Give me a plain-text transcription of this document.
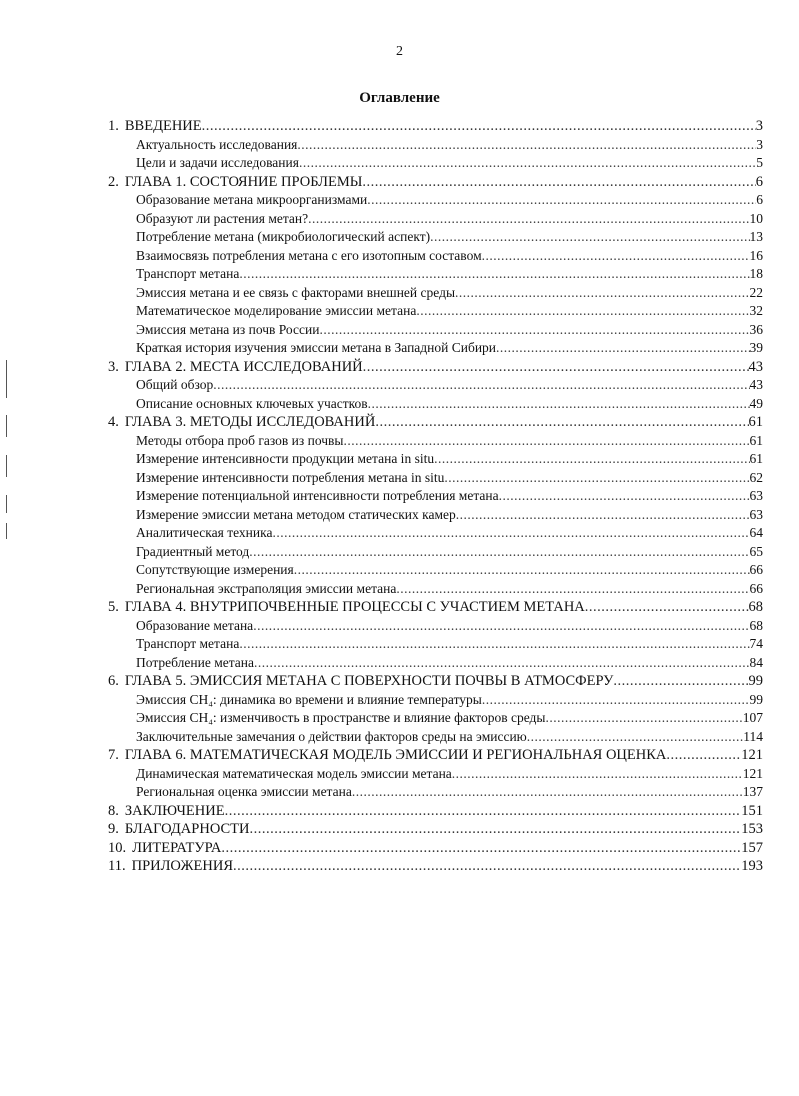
2
Оглавление
1. ВВЕДЕНИЕ .....	3
Актуальность исследования .....	3
Цели и задачи исследования .....	5
2. ГЛАВА 1. СОСТОЯНИЕ ПРОБЛЕМЫ .....	6
Образование метана микроорганизмами .....	6
Образуют ли растения метан? .....	10
Потребление метана (микробиологический аспект) .....	13
Взаимосвязь потребления метана с его изотопным составом .....	16
Транспорт метана .....	18
Эмиссия метана и ее связь с факторами внешней среды .....	22
Математическое моделирование эмиссии метана .....	32
Эмиссия метана из почв России .....	36
Краткая история изучения эмиссии метана в Западной Сибири .....	39
3. ГЛАВА 2. МЕСТА ИССЛЕДОВАНИЙ .....	43
Общий обзор .....	43
Описание основных ключевых участков .....	49
4. ГЛАВА 3. МЕТОДЫ ИССЛЕДОВАНИЙ .....	61
Методы отбора проб газов из почвы .....	61
Измерение интенсивности продукции метана in situ .....	61
Измерение интенсивности потребления метана in situ .....	62
Измерение потенциальной интенсивности потребления метана .....	63
Измерение эмиссии метана методом статических камер .....	63
Аналитическая техника .....	64
Градиентный метод .....	65
Сопутствующие измерения .....	66
Региональная экстраполяция эмиссии метана .....	66
5. ГЛАВА 4. ВНУТРИПОЧВЕННЫЕ ПРОЦЕССЫ С УЧАСТИЕМ МЕТАНА .....	68
Образование метана .....	68
Транспорт метана .....	74
Потребление метана .....	84
6. ГЛАВА 5. ЭМИССИЯ МЕТАНА С ПОВЕРХНОСТИ ПОЧВЫ В АТМОСФЕРУ .....	99
Эмиссия CH₄: динамика во времени и влияние температуры .....	99
Эмиссия CH₄: изменчивость в пространстве и влияние факторов среды .....	107
Заключительные замечания о действии факторов среды на эмиссию .....	114
7. ГЛАВА 6. МАТЕМАТИЧЕСКАЯ МОДЕЛЬ ЭМИССИИ И РЕГИОНАЛЬНАЯ ОЦЕНКА .....	121
Динамическая математическая модель эмиссии метана .....	121
Региональная оценка эмиссии метана .....	137
8. ЗАКЛЮЧЕНИЕ .....	151
9. БЛАГОДАРНОСТИ .....	153
10. ЛИТЕРАТУРА .....	157
11. ПРИЛОЖЕНИЯ .....	193
